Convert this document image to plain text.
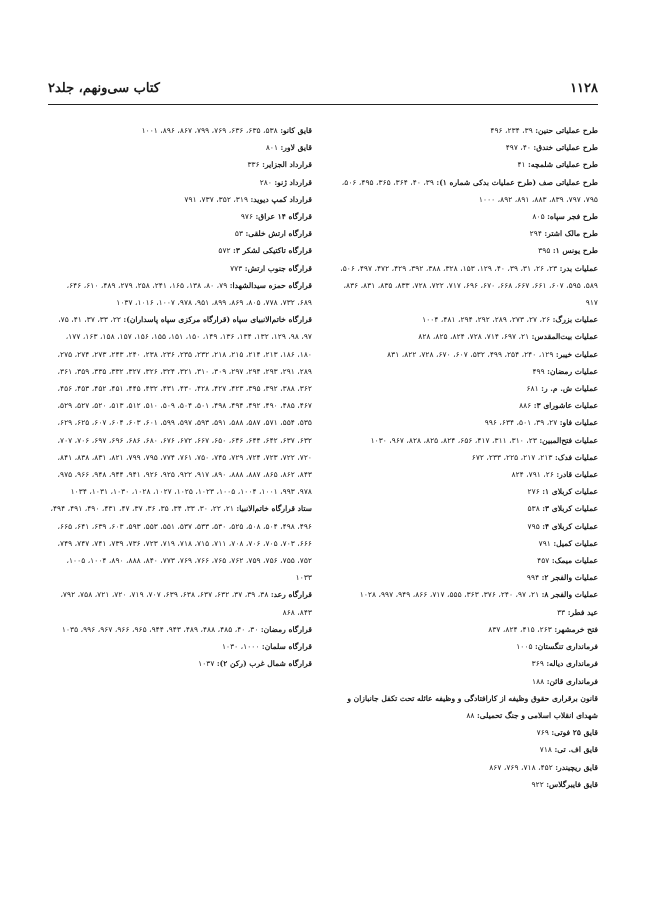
۱۱۲۸
کتاب سی‌ونهم، جلد۲

طرح عملیاتی حنین: ۳۹، ۲۳۴، ۴۹۶

طرح عملیاتی خندق: ۴۰، ۴۹۷

طرح عملیاتی شلمچه: ۴۱

طرح عملیاتی صف (طرح عملیات بدکی شماره ۱): ۳۹، ۴۰، ۳۶۴، ۳۶۵، ۴۹۵، ۵۰۶، ۷۹۵، ۷۹۷، ۸۳۹، ۸۸۳، ۸۹۱، ۸۹۲، ۱۰۰۰

طرح فجر سپاه: ۸۰۵

طرح مالک اشتر: ۲۹۴

طرح یونس ۱: ۳۹۵

عملیات بدر: ۲۳، ۲۶، ۳۱، ۳۹، ۴۰، ۱۲۹، ۱۵۳، ۳۲۸، ۳۸۸، ۳۹۲، ۴۲۹، ۴۷۲، ۴۹۷، ۵۰۶، ۵۸۹، ۵۹۵، ۶۰۷، ۶۶۱، ۶۶۷، ۶۶۸، ۶۷۰، ۶۹۶، ۷۱۷، ۷۲۲، ۷۲۸، ۸۳۳، ۸۳۵، ۸۳۱، ۸۳۶، ۹۱۷

عملیات بزرگ: ۲۶، ۲۷، ۲۷۳، ۲۸۹، ۲۹۲، ۲۹۴، ۴۸۱، ۱۰۰۴

عملیات بیت‌المقدس: ۲۱، ۶۹۷، ۷۱۴، ۷۲۸، ۸۲۴، ۸۲۵، ۸۲۸

عملیات خیبر: ۱۲۹، ۲۴۰، ۲۵۴، ۴۹۹، ۵۳۲، ۶۰۷، ۶۷۰، ۷۲۸، ۸۲۲، ۸۳۱

عملیات رمضان: ۴۹۹

عملیات ش. م. ر: ۶۸۱

عملیات عاشورای ۳: ۸۸۶

عملیات فاو: ۲۷، ۳۹، ۵۰۱، ۶۳۴، ۹۹۶

عملیات فتح‌المبین: ۲۳، ۳۱۰، ۳۱۱، ۴۱۷، ۶۵۶، ۸۲۴، ۸۲۵، ۸۲۸، ۹۶۷، ۱۰۳۰

عملیات فدک: ۲۱۳، ۲۱۷، ۲۲۵، ۲۳۳، ۶۷۲

عملیات قادر: ۲۶، ۷۹۱، ۸۲۴

عملیات کربلای ۱: ۲۷۶

عملیات کربلای ۳: ۵۳۸

عملیات کربلای ۴: ۷۹۵

عملیات کمیل: ۷۹۱

عملیات میمک: ۴۵۷

عملیات والفجر ۲: ۹۹۴

عملیات والفجر ۸: ۲۱، ۹۷، ۲۴۰، ۳۷۶، ۳۶۳، ۵۵۵، ۷۱۷، ۸۶۶، ۹۴۹، ۹۹۷، ۱۰۲۸

عید فطر: ۳۳

فتح خرمشهر: ۲۶۳، ۴۱۵، ۸۲۴، ۸۳۷

فرمانداری تنگستان: ۱۰۰۵

فرمانداری دیاله: ۳۶۹

فرمانداری قائن: ۱۸۸

قانون برقراری حقوق وظیفه از کارافتادگی و وظیفه عائله تحت تکفل جانبازان و شهدای انقلاب اسلامی و جنگ تحمیلی: ۸۸

قایق ۲۵ فوتی: ۷۶۹

قایق اف. تی: ۷۱۸

قایق ریچیندر: ۴۵۲، ۷۱۸، ۷۶۹، ۸۶۷

قایق فایبرگلاس: ۹۲۲

قایق کانو: ۵۳۸، ۶۳۵، ۶۳۶، ۷۶۹، ۷۹۹، ۸۶۷، ۸۹۶، ۱۰۰۱

قایق لاور: ۸۰۱

قرارداد الجزایر: ۳۳۶

قرارداد ژنو: ۲۸۰

قرارداد کمپ دیوید: ۳۱۹، ۳۵۲، ۷۳۷، ۷۹۱

قرارگاه ۱۴ عراق: ۹۷۶

قرارگاه ارتش خلقی: ۵۳

قرارگاه تاکتیکی لشکر ۳: ۵۷۲

قرارگاه جنوب ارتش: ۷۷۳

قرارگاه حمزه سیدالشهدا: ۷۹، ۸۰، ۱۳۸، ۱۶۵، ۲۴۱، ۲۵۸، ۲۷۹، ۴۸۹، ۶۱۰، ۶۴۶، ۶۸۹، ۷۳۲، ۷۷۸، ۸۰۵، ۸۶۹، ۸۹۹، ۹۵۱، ۹۷۸، ۱۰۰۷، ۱۰۱۶، ۱۰۳۷

قرارگاه خاتم‌الانبیای سپاه (قرارگاه مرکزی سپاه پاسداران): ۲۲، ۳۳، ۳۷، ۴۱، ۷۵، ۹۷، ۹۸، ۱۲۹، ۱۳۲، ۱۳۴، ۱۳۶، ۱۴۹، ۱۵۰، ۱۵۱، ۱۵۵، ۱۵۶، ۱۵۷، ۱۵۸، ۱۶۳، ۱۷۷، ۱۸۰، ۱۸۶، ۲۱۳، ۲۱۴، ۲۱۵، ۲۱۸، ۲۳۲، ۲۳۵، ۲۳۶، ۲۳۸، ۲۴۰، ۲۴۳، ۲۷۳، ۲۷۴، ۲۷۵، ۲۸۹، ۲۹۱، ۲۹۳، ۲۹۴، ۲۹۷، ۳۰۹، ۳۱۰، ۳۲۱، ۳۲۴، ۳۲۶، ۳۲۷، ۳۳۲، ۳۳۵، ۳۵۹، ۳۶۱، ۳۶۲، ۳۸۸، ۳۹۲، ۳۹۵، ۴۲۳، ۴۲۷، ۴۲۸، ۴۳۰، ۴۳۱، ۴۳۲، ۴۴۵، ۴۵۱، ۴۵۲، ۴۵۳، ۴۵۶، ۴۶۷، ۴۸۵، ۴۹۰، ۴۹۲، ۴۹۴، ۴۹۸، ۵۰۱، ۵۰۴، ۵۰۹، ۵۱۰، ۵۱۲، ۵۱۳، ۵۲۰، ۵۲۷، ۵۲۹، ۵۳۵، ۵۵۴، ۵۷۱، ۵۸۷، ۵۸۸، ۵۹۱، ۵۹۳، ۵۹۷، ۵۹۹، ۶۰۱، ۶۰۳، ۶۰۴، ۶۰۷، ۶۲۵، ۶۲۹، ۶۳۲، ۶۳۷، ۶۴۲، ۶۴۴، ۶۴۶، ۶۵۰، ۶۶۷، ۶۷۲، ۶۷۶، ۶۸۰، ۶۸۶، ۶۹۶، ۶۹۷، ۷۰۶، ۷۰۷، ۷۲۰، ۷۲۲، ۷۲۳، ۷۲۴، ۷۲۹، ۷۴۵، ۷۵۰، ۷۶۱، ۷۷۴، ۷۹۵، ۷۹۹، ۸۲۱، ۸۳۱، ۸۳۸، ۸۴۱، ۸۴۳، ۸۶۲، ۸۶۵، ۸۸۷، ۸۸۸، ۸۹۰، ۹۱۷، ۹۲۲، ۹۲۵، ۹۲۶، ۹۴۱، ۹۴۴، ۹۴۸، ۹۶۶، ۹۷۵، ۹۷۸، ۹۹۳، ۱۰۰۱، ۱۰۰۴، ۱۰۰۵، ۱۰۲۳، ۱۰۲۵، ۱۰۲۷، ۱۰۲۸، ۱۰۳۰، ۱۰۳۱، ۱۰۳۴

ستاد قرارگاه خاتم‌الانبیا: ۲۱، ۲۲، ۳۰، ۳۳، ۳۴، ۳۵، ۳۶، ۳۷، ۴۷، ۴۳۱، ۴۹۰، ۴۹۱، ۴۹۴، ۴۹۶، ۴۹۸، ۵۰۴، ۵۰۸، ۵۲۵، ۵۳۰، ۵۳۳، ۵۳۷، ۵۵۱، ۵۵۳، ۵۹۳، ۶۰۳، ۶۳۹، ۶۴۱، ۶۶۵، ۶۶۶، ۷۰۳، ۷۰۵، ۷۰۶، ۷۰۸، ۷۱۱، ۷۱۵، ۷۱۸، ۷۱۹، ۷۲۳، ۷۳۶، ۷۳۹، ۷۴۱، ۷۴۷، ۷۴۹، ۷۵۲، ۷۵۵، ۷۵۶، ۷۵۹، ۷۶۲، ۷۶۵، ۷۶۶، ۷۶۹، ۷۷۳، ۸۴۰، ۸۸۸، ۸۹۰، ۱۰۰۴، ۱۰۰۵، ۱۰۳۳

قرارگاه رعد: ۳۸، ۳۹، ۳۷، ۶۳۲، ۶۳۷، ۶۳۸، ۶۳۹، ۷۰۷، ۷۱۹، ۷۲۰، ۷۲۱، ۷۵۸، ۷۹۲، ۸۴۳، ۸۶۸

قرارگاه رمضان: ۳۰، ۴۰، ۴۸۵، ۴۸۸، ۴۸۹، ۹۴۳، ۹۴۴، ۹۶۵، ۹۶۶، ۹۶۷، ۹۹۶، ۱۰۳۵

قرارگاه سلمان: ۱۰۰۰، ۱۰۳۰

قرارگاه شمال غرب (رکن ۲): ۱۰۳۷
